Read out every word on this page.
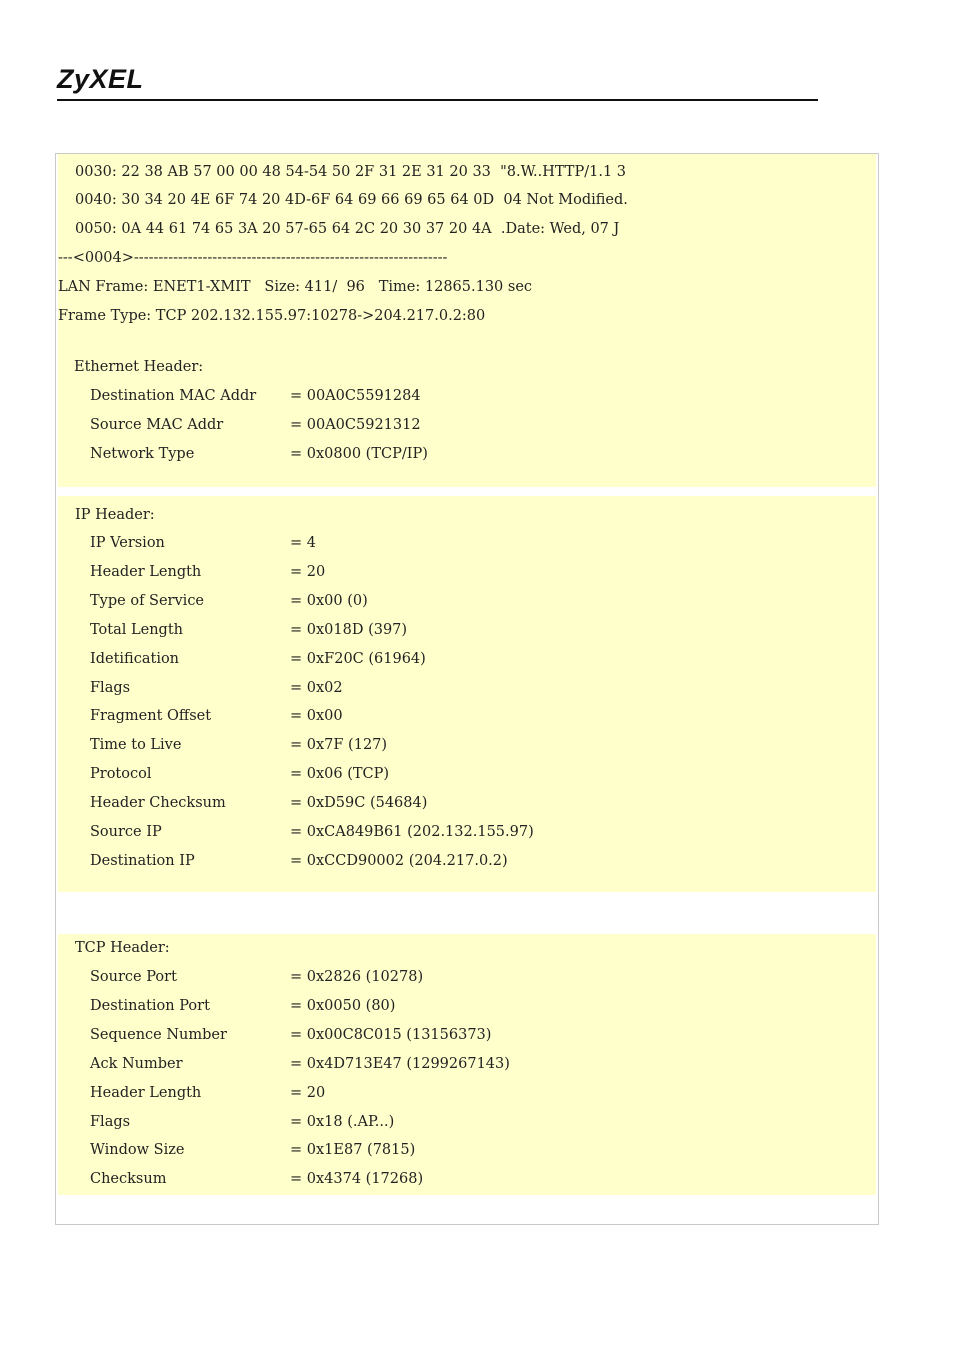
ZyXEL
0030: 22 38 AB 57 00 00 48 54-54 50 2F 31 2E 31 20 33  "8.W..HTTP/1.1 3
0040: 30 34 20 4E 6F 74 20 4D-6F 64 69 66 69 65 64 0D  04 Not Modified.
0050: 0A 44 61 74 65 3A 20 57-65 64 2C 20 30 37 20 4A  .Date: Wed, 07 J
---<0004>----------------------------------------------------------------
LAN Frame: ENET1-XMIT   Size: 411/  96   Time: 12865.130 sec
Frame Type: TCP 202.132.155.97:10278->204.217.0.2:80
Ethernet Header:
Destination MAC Addr = 00A0C5591284
Source MAC Addr	= 00A0C5921312
Network Type	= 0x0800 (TCP/IP)
IP Header:
IP Version	= 4
Header Length	= 20
Type of Service	= 0x00 (0)
Total Length	= 0x018D (397)
Idetification	= 0xF20C (61964)
Flags	= 0x02
Fragment Offset	= 0x00
Time to Live	= 0x7F (127)
Protocol	= 0x06 (TCP)
Header Checksum	= 0xD59C (54684)
Source IP	= 0xCA849B61 (202.132.155.97)
Destination IP	= 0xCCD90002 (204.217.0.2)
TCP Header:
Source Port	= 0x2826 (10278)
Destination Port	= 0x0050 (80)
Sequence Number	= 0x00C8C015 (13156373)
Ack Number	= 0x4D713E47 (1299267143)
Header Length	= 20
Flags	= 0x18 (.AP...)
Window Size	= 0x1E87 (7815)
Checksum	= 0x4374 (17268)
